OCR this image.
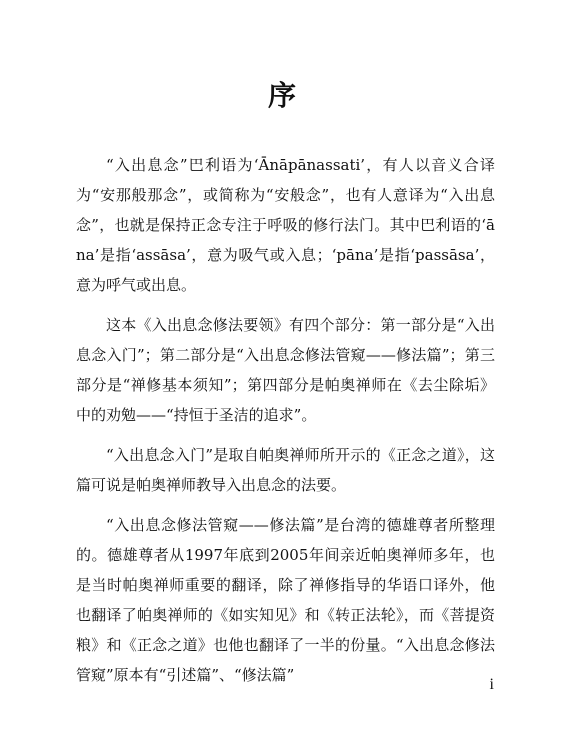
序

“入出息念”巴利语为‘Ānāpānassati’，有人以音义合译为“安那般那念”，或简称为“安般念”，也有人意译为“入出息念”，也就是保持正念专注于呼吸的修行法门。其中巴利语的‘āna’是指‘assāsa’，意为吸气或入息；‘pāna’是指‘passāsa’，意为呼气或出息。

这本《入出息念修法要领》有四个部分：第一部分是“入出息念入门”；第二部分是“入出息念修法管窥——修法篇”；第三部分是“禅修基本须知”；第四部分是帕奥禅师在《去尘除垢》中的劝勉——“持恒于圣洁的追求”。

“入出息念入门”是取自帕奥禅师所开示的《正念之道》，这篇可说是帕奥禅师教导入出息念的法要。

“入出息念修法管窥——修法篇”是台湾的德雄尊者所整理的。德雄尊者从1997年底到2005年间亲近帕奥禅师多年，也是当时帕奥禅师重要的翻译，除了禅修指导的华语口译外，他也翻译了帕奥禅师的《如实知见》和《转正法轮》，而《菩提资粮》和《正念之道》也他也翻译了一半的份量。“入出息念修法管窥”原本有“引述篇”、“修法篇”

i
